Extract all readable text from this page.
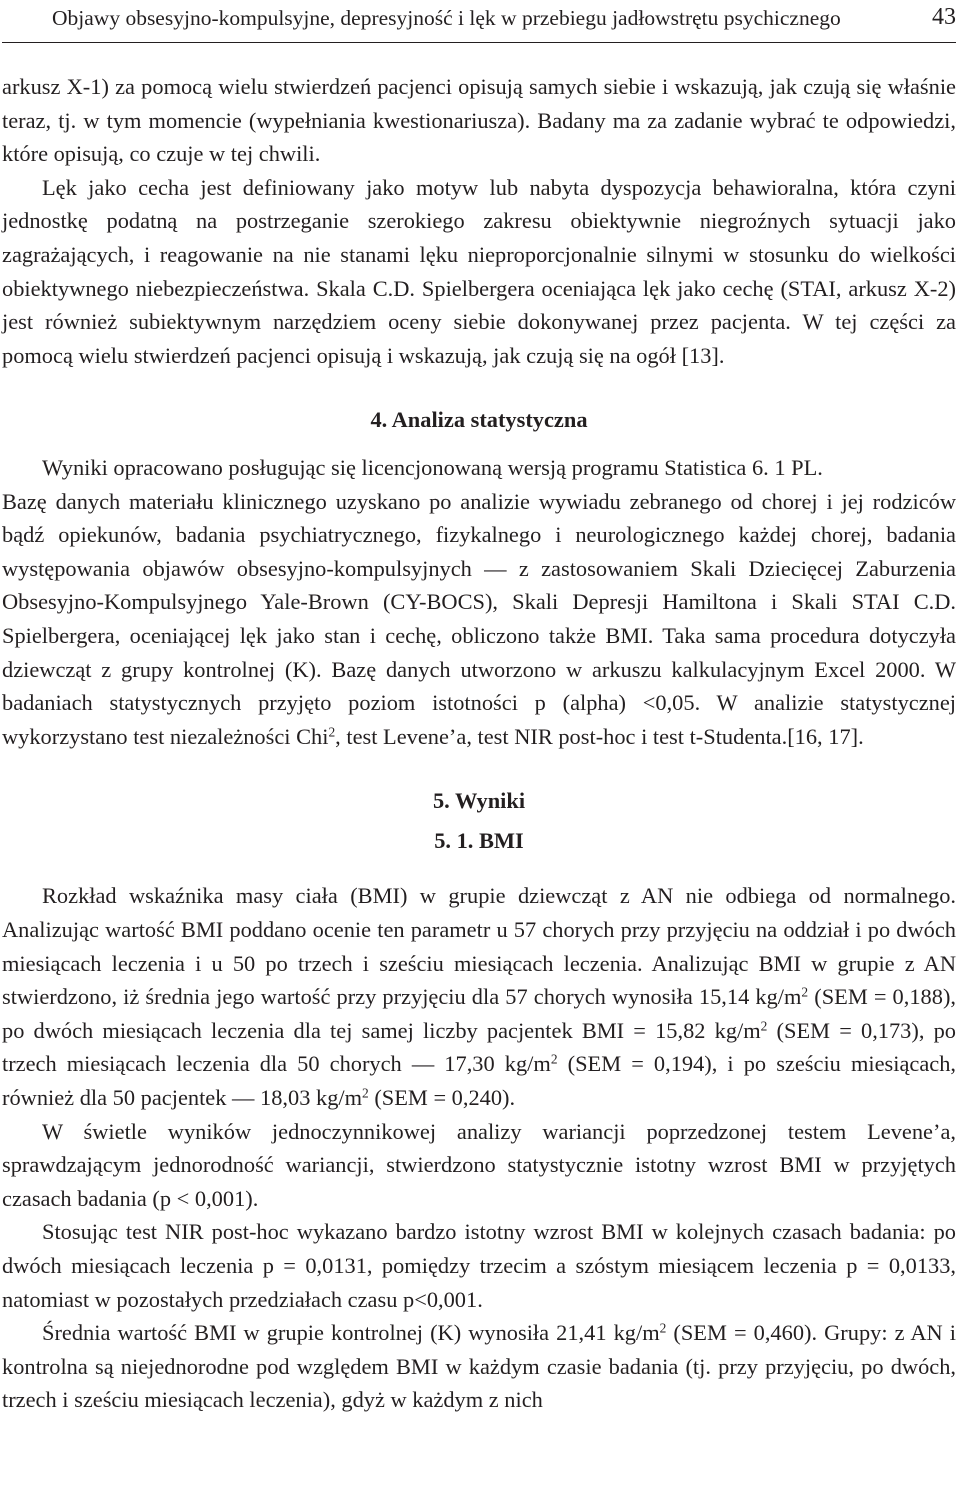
Objawy obsesyjno-kompulsyjne, depresyjność i lęk w przebiegu jadłowstrętu psychicznego	43

arkusz X-1) za pomocą wielu stwierdzeń pacjenci opisują samych siebie i wskazują, jak czują się właśnie teraz, tj. w tym momencie (wypełniania kwestionariusza). Badany ma za zadanie wybrać te odpowiedzi, które opisują, co czuje w tej chwili.

Lęk jako cecha jest definiowany jako motyw lub nabyta dyspozycja behawioralna, która czyni jednostkę podatną na postrzeganie szerokiego zakresu obiektywnie niegroźnych sytuacji jako zagrażających, i reagowanie na nie stanami lęku nieproporcjonalnie silnymi w stosunku do wielkości obiektywnego niebezpieczeństwa. Skala C.D. Spielbergera oceniająca lęk jako cechę (STAI, arkusz X-2) jest również subiektywnym narzędziem oceny siebie dokonywanej przez pacjenta. W tej części za pomocą wielu stwierdzeń pacjenci opisują i wskazują, jak czują się na ogół [13].

4. Analiza statystyczna

Wyniki opracowano posługując się licencjonowaną wersją programu Statistica 6. 1 PL.

Bazę danych materiału klinicznego uzyskano po analizie wywiadu zebranego od chorej i jej rodziców bądź opiekunów, badania psychiatrycznego, fizykalnego i neurologicznego każdej chorej, badania występowania objawów obsesyjno-kompulsyjnych — z zastosowaniem Skali Dziecięcej Zaburzenia Obsesyjno-Kompulsyjnego Yale-Brown (CY-BOCS), Skali Depresji Hamiltona i Skali STAI C.D. Spielbergera, oceniającej lęk jako stan i cechę, obliczono także BMI. Taka sama procedura dotyczyła dziewcząt z grupy kontrolnej (K). Bazę danych utworzono w arkuszu kalkulacyjnym Excel 2000. W badaniach statystycznych przyjęto poziom istotności p (alpha) <0,05. W analizie statystycznej wykorzystano test niezależności Chi$^2$, test Levene’a, test NIR post-hoc i test t-Studenta.[16, 17].

5. Wyniki
5. 1. BMI

Rozkład wskaźnika masy ciała (BMI) w grupie dziewcząt z AN nie odbiega od normalnego. Analizując wartość BMI poddano ocenie ten parametr u 57 chorych przy przyjęciu na oddział i po dwóch miesiącach leczenia i u 50 po trzech i sześciu miesiącach leczenia. Analizując BMI w grupie z AN stwierdzono, iż średnia jego wartość przy przyjęciu dla 57 chorych wynosiła 15,14 $kg/m^2$ (SEM = 0,188), po dwóch miesiącach leczenia dla tej samej liczby pacjentek BMI = 15,82 $kg/m^2$ (SEM = 0,173), po trzech miesiącach leczenia dla 50 chorych — 17,30 $kg/m^2$ (SEM = 0,194), i po sześciu miesiącach, również dla 50 pacjentek — 18,03 $kg/m^2$ (SEM = 0,240).

W świetle wyników jednoczynnikowej analizy wariancji poprzedzonej testem Levene’a, sprawdzającym jednorodność wariancji, stwierdzono statystycznie istotny wzrost BMI w przyjętych czasach badania (p < 0,001).

Stosując test NIR post-hoc wykazano bardzo istotny wzrost BMI w kolejnych czasach badania: po dwóch miesiącach leczenia p = 0,0131, pomiędzy trzecim a szóstym miesiącem leczenia p = 0,0133, natomiast w pozostałych przedziałach czasu p<0,001.

Średnia wartość BMI w grupie kontrolnej (K) wynosiła 21,41 $kg/m^2$ (SEM = 0,460). Grupy: z AN i kontrolna są niejednorodne pod względem BMI w każdym czasie badania (tj. przy przyjęciu, po dwóch, trzech i sześciu miesiącach leczenia), gdyż w każdym z nich
